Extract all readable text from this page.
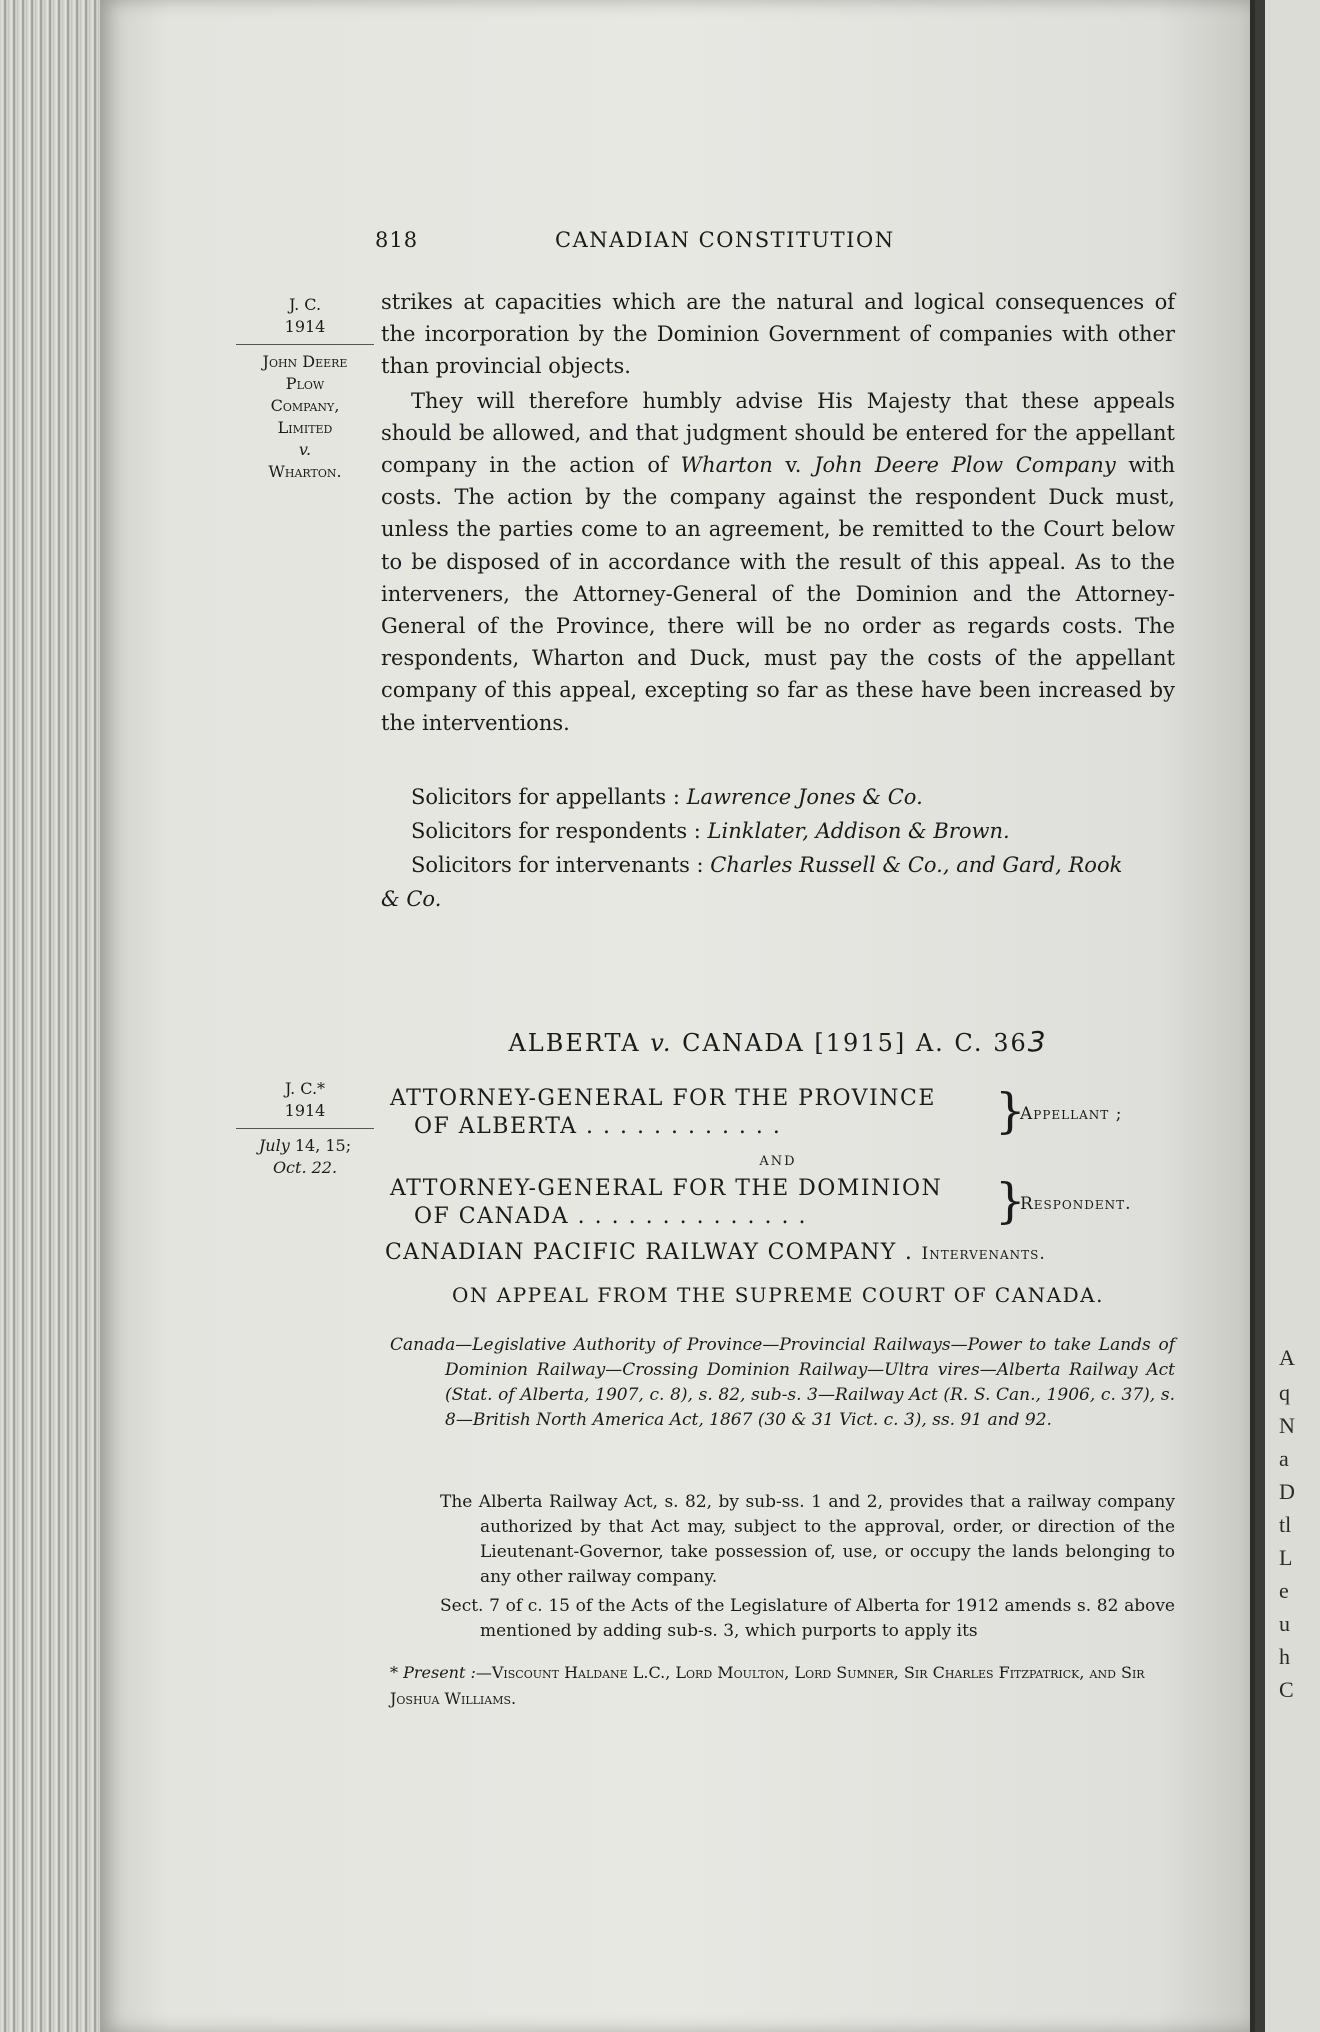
A
q
N
a
D
tl
L
e
u
h
C
818	CANADIAN CONSTITUTION
J. C.
1914
John Deere
Plow
Company,
Limited
v.
Wharton.

strikes at capacities which are the natural and logical consequences of the incorporation by the Dominion Government of companies with other than provincial objects.

They will therefore humbly advise His Majesty that these appeals should be allowed, and that judgment should be entered for the appellant company in the action of Wharton v. John Deere Plow Company with costs. The action by the company against the respondent Duck must, unless the parties come to an agreement, be remitted to the Court below to be disposed of in accordance with the result of this appeal. As to the interveners, the Attorney-General of the Dominion and the Attorney-General of the Province, there will be no order as regards costs. The respondents, Wharton and Duck, must pay the costs of the appellant company of this appeal, excepting so far as these have been increased by the interventions.

Solicitors for appellants : Lawrence Jones & Co.
Solicitors for respondents : Linklater, Addison & Brown.
Solicitors for intervenants : Charles Russell & Co., and Gard, Rook
& Co.
ALBERTA v. CANADA [1915] A. C. 363
J. C.*
1914
July 14, 15;
Oct. 22.
ATTORNEY-GENERAL FOR THE PROVINCE
OF ALBERTA . . . . . . . . . . . .	}
Appellant ;
AND
ATTORNEY-GENERAL FOR THE DOMINION
OF CANADA . . . . . . . . . . . . . .	}
Respondent.
CANADIAN PACIFIC RAILWAY COMPANY . Intervenants.
ON APPEAL FROM THE SUPREME COURT OF CANADA.
Canada—Legislative Authority of Province—Provincial Railways—Power to take Lands of Dominion Railway—Crossing Dominion Railway—Ultra vires—Alberta Railway Act (Stat. of Alberta, 1907, c. 8), s. 82, sub-s. 3—Railway Act (R. S. Can., 1906, c. 37), s. 8—British North America Act, 1867 (30 & 31 Vict. c. 3), ss. 91 and 92.
The Alberta Railway Act, s. 82, by sub-ss. 1 and 2, provides that a railway company authorized by that Act may, subject to the approval, order, or direction of the Lieutenant-Governor, take possession of, use, or occupy the lands belonging to any other railway company.
Sect. 7 of c. 15 of the Acts of the Legislature of Alberta for 1912 amends s. 82 above mentioned by adding sub-s. 3, which purports to apply its
* Present :—Viscount Haldane L.C., Lord Moulton, Lord Sumner, Sir Charles Fitzpatrick, and Sir Joshua Williams.
